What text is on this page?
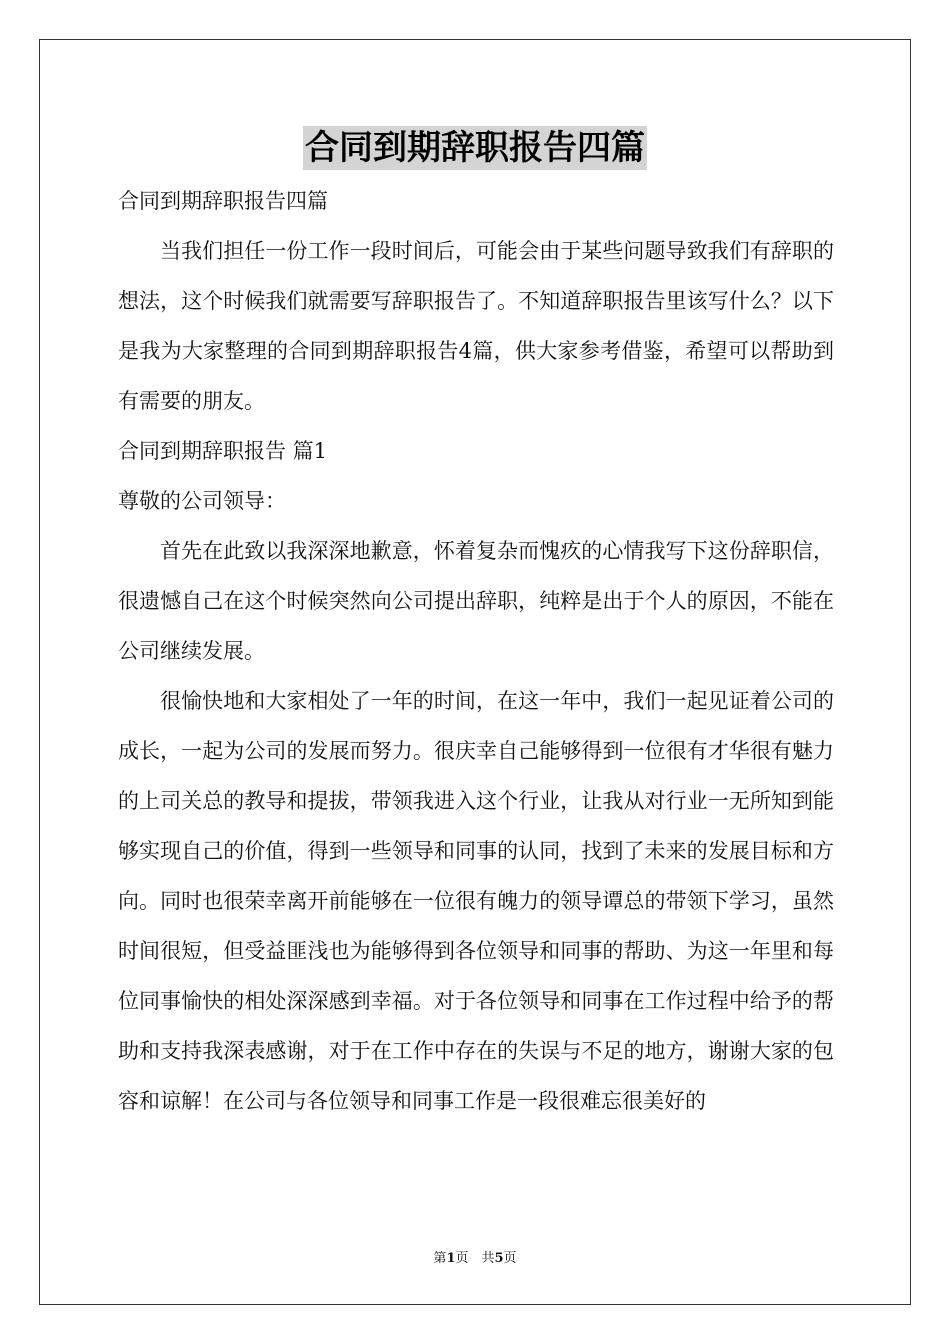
合同到期辞职报告四篇

合同到期辞职报告四篇

当我们担任一份工作一段时间后，可能会由于某些问题导致我们有辞职的想法，这个时候我们就需要写辞职报告了。不知道辞职报告里该写什么？以下是我为大家整理的合同到期辞职报告4篇，供大家参考借鉴，希望可以帮助到有需要的朋友。

合同到期辞职报告 篇1

尊敬的公司领导：

首先在此致以我深深地歉意，怀着复杂而愧疚的心情我写下这份辞职信，很遗憾自己在这个时候突然向公司提出辞职，纯粹是出于个人的原因，不能在公司继续发展。

很愉快地和大家相处了一年的时间，在这一年中，我们一起见证着公司的成长，一起为公司的发展而努力。很庆幸自己能够得到一位很有才华很有魅力的上司关总的教导和提拔，带领我进入这个行业，让我从对行业一无所知到能够实现自己的价值，得到一些领导和同事的认同，找到了未来的发展目标和方向。同时也很荣幸离开前能够在一位很有魄力的领导谭总的带领下学习，虽然时间很短，但受益匪浅也为能够得到各位领导和同事的帮助、为这一年里和每位同事愉快的相处深深感到幸福。对于各位领导和同事在工作过程中给予的帮助和支持我深表感谢，对于在工作中存在的失误与不足的地方，谢谢大家的包容和谅解！在公司与各位领导和同事工作是一段很难忘很美好的

第1页　共5页
